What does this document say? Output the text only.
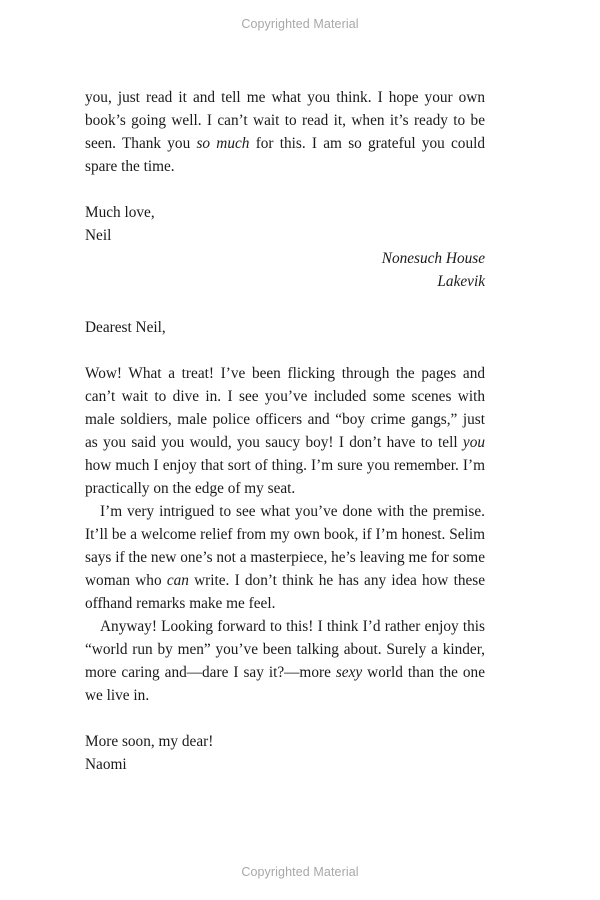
Copyrighted Material

you, just read it and tell me what you think. I hope your own book’s going well. I can’t wait to read it, when it’s ready to be seen. Thank you so much for this. I am so grateful you could spare the time.

Much love,
Neil
Nonesuch House
Lakevik
Dearest Neil,

Wow! What a treat! I’ve been flicking through the pages and can’t wait to dive in. I see you’ve included some scenes with male soldiers, male police officers and “boy crime gangs,” just as you said you would, you saucy boy! I don’t have to tell you how much I enjoy that sort of thing. I’m sure you remember. I’m practically on the edge of my seat.

I’m very intrigued to see what you’ve done with the premise. It’ll be a welcome relief from my own book, if I’m honest. Selim says if the new one’s not a masterpiece, he’s leaving me for some woman who can write. I don’t think he has any idea how these offhand remarks make me feel.

Anyway! Looking forward to this! I think I’d rather enjoy this “world run by men” you’ve been talking about. Surely a kinder, more caring and—dare I say it?—more sexy world than the one we live in.

More soon, my dear!
Naomi
Copyrighted Material
